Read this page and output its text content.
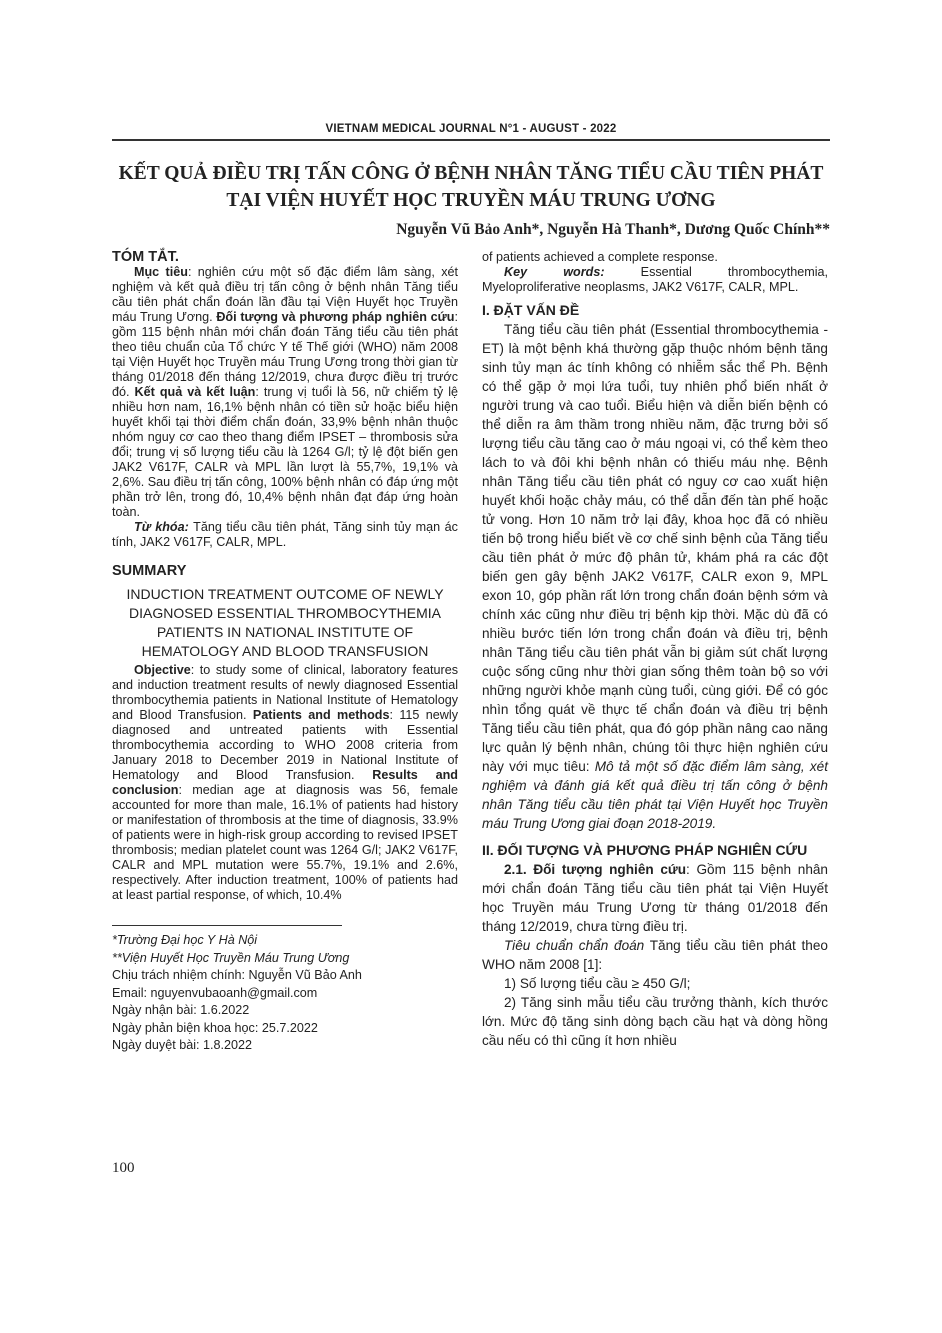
VIETNAM MEDICAL JOURNAL N°1 - AUGUST - 2022
KẾT QUẢ ĐIỀU TRỊ TẤN CÔNG Ở BỆNH NHÂN TĂNG TIỂU CẦU TIÊN PHÁT TẠI VIỆN HUYẾT HỌC TRUYỀN MÁU TRUNG ƯƠNG
Nguyễn Vũ Bảo Anh*, Nguyễn Hà Thanh*, Dương Quốc Chính**
TÓM TẮT.

Mục tiêu: nghiên cứu một số đặc điểm lâm sàng, xét nghiệm và kết quả điều trị tấn công ở bệnh nhân Tăng tiểu cầu tiên phát chẩn đoán lần đầu tại Viện Huyết học Truyền máu Trung Ương. Đối tượng và phương pháp nghiên cứu: gồm 115 bệnh nhân mới chẩn đoán Tăng tiểu cầu tiên phát theo tiêu chuẩn của Tổ chức Y tế Thế giới (WHO) năm 2008 tại Viện Huyết học Truyền máu Trung Ương trong thời gian từ tháng 01/2018 đến tháng 12/2019, chưa được điều trị trước đó. Kết quả và kết luận: trung vị tuổi là 56, nữ chiếm tỷ lệ nhiều hơn nam, 16,1% bệnh nhân có tiền sử hoặc biểu hiện huyết khối tại thời điểm chẩn đoán, 33,9% bệnh nhân thuộc nhóm nguy cơ cao theo thang điểm IPSET – thrombosis sửa đổi; trung vị số lượng tiểu cầu là 1264 G/l; tỷ lệ đột biến gen JAK2 V617F, CALR và MPL lần lượt là 55,7%, 19,1% và 2,6%. Sau điều trị tấn công, 100% bệnh nhân có đáp ứng một phần trở lên, trong đó, 10,4% bệnh nhân đạt đáp ứng hoàn toàn.

Từ khóa: Tăng tiểu cầu tiên phát, Tăng sinh tủy mạn ác tính, JAK2 V617F, CALR, MPL.

SUMMARY
INDUCTION TREATMENT OUTCOME OF NEWLY DIAGNOSED ESSENTIAL THROMBOCYTHEMIA PATIENTS IN NATIONAL INSTITUTE OF HEMATOLOGY AND BLOOD TRANSFUSION

Objective: to study some of clinical, laboratory features and induction treatment results of newly diagnosed Essential thrombocythemia patients in National Institute of Hematology and Blood Transfusion. Patients and methods: 115 newly diagnosed and untreated patients with Essential thrombocythemia according to WHO 2008 criteria from January 2018 to December 2019 in National Institute of Hematology and Blood Transfusion. Results and conclusion: median age at diagnosis was 56, female accounted for more than male, 16.1% of patients had history or manifestation of thrombosis at the time of diagnosis, 33.9% of patients were in high-risk group according to revised IPSET thrombosis; median platelet count was 1264 G/l; JAK2 V617F, CALR and MPL mutation were 55.7%, 19.1% and 2.6%, respectively. After induction treatment, 100% of patients had at least partial response, of which, 10.4%

*Trường Đại học Y Hà Nội
**Viện Huyết Học Truyền Máu Trung Ương
Chịu trách nhiệm chính: Nguyễn Vũ Bảo Anh
Email: nguyenvubaoanh@gmail.com
Ngày nhận bài: 1.6.2022
Ngày phản biện khoa học: 25.7.2022
Ngày duyệt bài: 1.8.2022

of patients achieved a complete response.

Key words: Essential thrombocythemia, Myeloproliferative neoplasms, JAK2 V617F, CALR, MPL.

I. ĐẶT VẤN ĐỀ

Tăng tiểu cầu tiên phát (Essential thrombocythemia - ET) là một bệnh khá thường gặp thuộc nhóm bệnh tăng sinh tủy mạn ác tính không có nhiễm sắc thể Ph. Bệnh có thể gặp ở mọi lứa tuổi, tuy nhiên phổ biến nhất ở người trung và cao tuổi. Biểu hiện và diễn biến bệnh có thể diễn ra âm thầm trong nhiều năm, đặc trưng bởi số lượng tiểu cầu tăng cao ở máu ngoại vi, có thể kèm theo lách to và đôi khi bệnh nhân có thiếu máu nhẹ. Bệnh nhân Tăng tiểu cầu tiên phát có nguy cơ cao xuất hiện huyết khối hoặc chảy máu, có thể dẫn đến tàn phế hoặc tử vong. Hơn 10 năm trở lại đây, khoa học đã có nhiều tiến bộ trong hiểu biết về cơ chế sinh bệnh của Tăng tiểu cầu tiên phát ở mức độ phân tử, khám phá ra các đột biến gen gây bệnh JAK2 V617F, CALR exon 9, MPL exon 10, góp phần rất lớn trong chẩn đoán bệnh sớm và chính xác cũng như điều trị bệnh kịp thời. Mặc dù đã có nhiều bước tiến lớn trong chẩn đoán và điều trị, bệnh nhân Tăng tiểu cầu tiên phát vẫn bị giảm sút chất lượng cuộc sống cũng như thời gian sống thêm toàn bộ so với những người khỏe mạnh cùng tuổi, cùng giới. Để có góc nhìn tổng quát về thực tế chẩn đoán và điều trị bệnh Tăng tiểu cầu tiên phát, qua đó góp phần nâng cao năng lực quản lý bệnh nhân, chúng tôi thực hiện nghiên cứu này với mục tiêu: Mô tả một số đặc điểm lâm sàng, xét nghiệm và đánh giá kết quả điều trị tấn công ở bệnh nhân Tăng tiểu cầu tiên phát tại Viện Huyết học Truyền máu Trung Ương giai đoạn 2018-2019.

II. ĐỐI TƯỢNG VÀ PHƯƠNG PHÁP NGHIÊN CỨU

2.1. Đối tượng nghiên cứu: Gồm 115 bệnh nhân mới chẩn đoán Tăng tiểu cầu tiên phát tại Viện Huyết học Truyền máu Trung Ương từ tháng 01/2018 đến tháng 12/2019, chưa từng điều trị.

Tiêu chuẩn chẩn đoán Tăng tiểu cầu tiên phát theo WHO năm 2008 [1]:

1) Số lượng tiểu cầu ≥ 450 G/l;

2) Tăng sinh mẫu tiểu cầu trưởng thành, kích thước lớn. Mức độ tăng sinh dòng bạch cầu hạt và dòng hồng cầu nếu có thì cũng ít hơn nhiều

100
